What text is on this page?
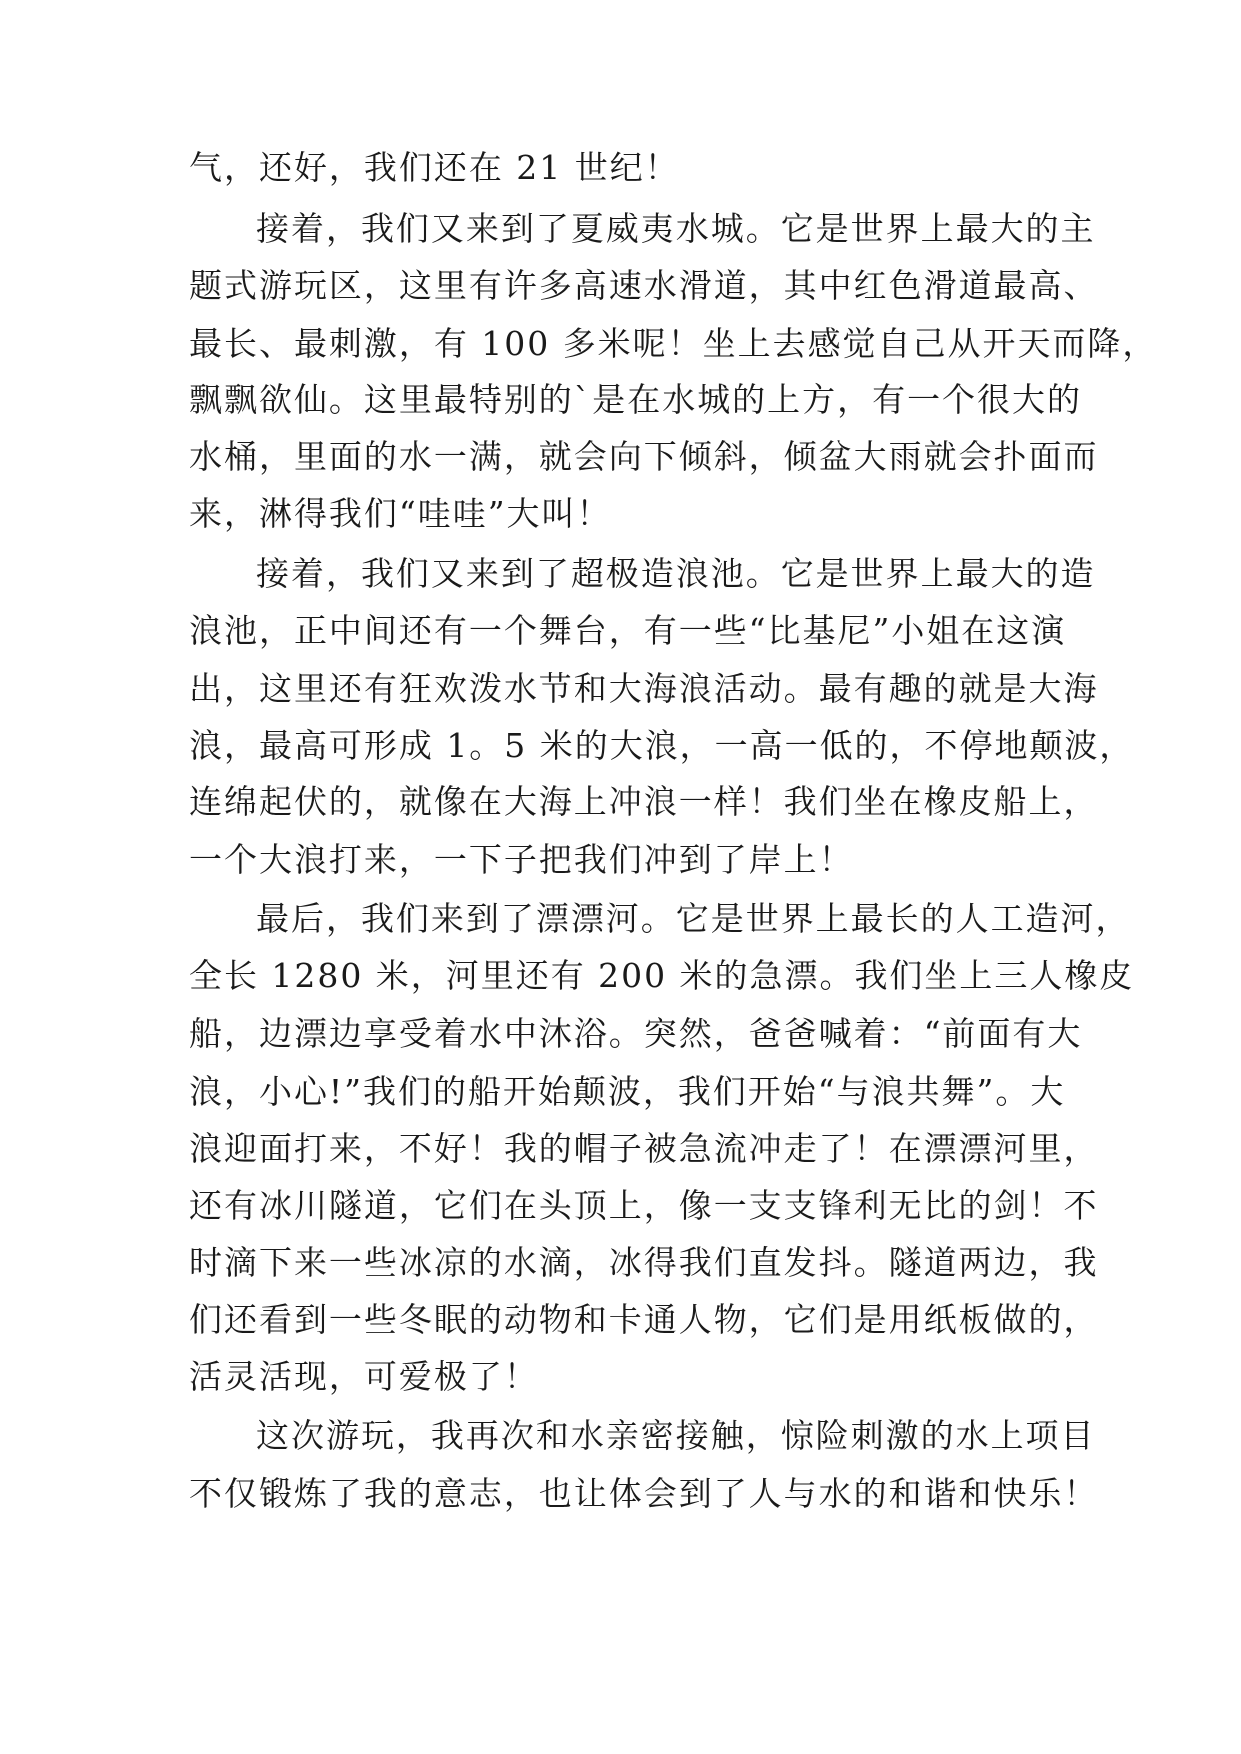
气，还好，我们还在 21 世纪！
接着，我们又来到了夏威夷水城。它是世界上最大的主
题式游玩区，这里有许多高速水滑道，其中红色滑道最高、
最长、最刺激，有 100 多米呢！坐上去感觉自己从开天而降，
飘飘欲仙。这里最特别的`是在水城的上方，有一个很大的
水桶，里面的水一满，就会向下倾斜，倾盆大雨就会扑面而
来，淋得我们“哇哇”大叫！
接着，我们又来到了超极造浪池。它是世界上最大的造
浪池，正中间还有一个舞台，有一些“比基尼”小姐在这演
出，这里还有狂欢泼水节和大海浪活动。最有趣的就是大海
浪，最高可形成 1。5 米的大浪，一高一低的，不停地颠波，
连绵起伏的，就像在大海上冲浪一样！我们坐在橡皮船上，
一个大浪打来，一下子把我们冲到了岸上！
最后，我们来到了漂漂河。它是世界上最长的人工造河，
全长 1280 米，河里还有 200 米的急漂。我们坐上三人橡皮
船，边漂边享受着水中沐浴。突然，爸爸喊着：“前面有大
浪，小心!”我们的船开始颠波，我们开始“与浪共舞”。大
浪迎面打来，不好！我的帽子被急流冲走了！在漂漂河里，
还有冰川隧道，它们在头顶上，像一支支锋利无比的剑！不
时滴下来一些冰凉的水滴，冰得我们直发抖。隧道两边，我
们还看到一些冬眠的动物和卡通人物，它们是用纸板做的，
活灵活现，可爱极了！
这次游玩，我再次和水亲密接触，惊险刺激的水上项目
不仅锻炼了我的意志，也让体会到了人与水的和谐和快乐！
